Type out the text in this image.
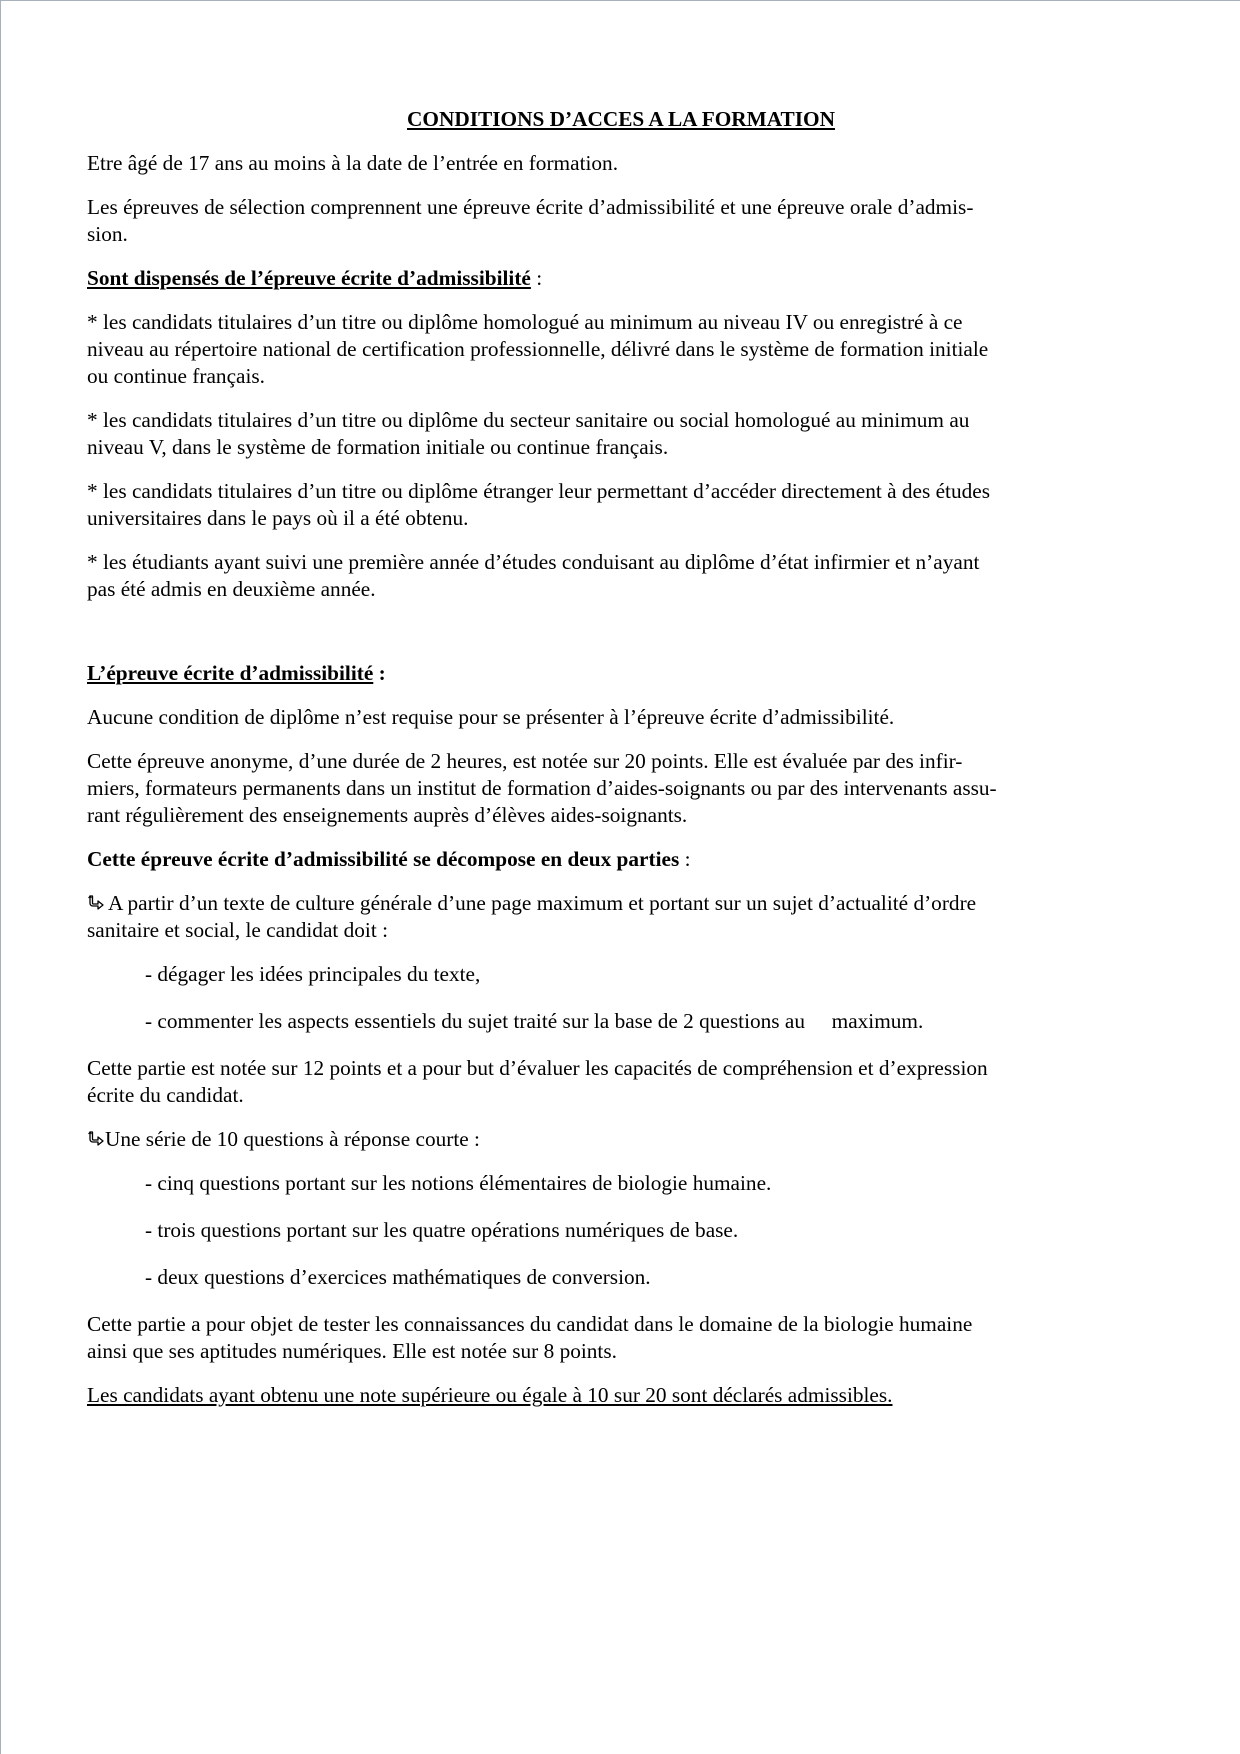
CONDITIONS D’ACCES A LA FORMATION

Etre âgé de 17 ans au moins à la date de l’entrée en formation.

Les épreuves de sélection comprennent une épreuve écrite d’admissibilité et une épreuve orale d’admis-
sion.

Sont dispensés de l’épreuve écrite d’admissibilité :

* les candidats titulaires d’un titre ou diplôme homologué au minimum au niveau IV ou enregistré à ce
niveau au répertoire national de certification professionnelle, délivré dans le système de formation initiale
ou continue français.

* les candidats titulaires d’un titre ou diplôme du secteur sanitaire ou social homologué au minimum au
niveau V, dans le système de formation initiale ou continue français.

* les candidats titulaires d’un titre ou diplôme étranger leur permettant d’accéder directement à des études
universitaires dans le pays où il a été obtenu.

* les étudiants ayant suivi une première année d’études conduisant au diplôme d’état infirmier et n’ayant
pas été admis en deuxième année.

L’épreuve écrite d’admissibilité :

Aucune condition de diplôme n’est requise pour se présenter à l’épreuve écrite d’admissibilité.

Cette épreuve anonyme, d’une durée de 2 heures, est notée sur 20 points. Elle est évaluée par des infir-
miers, formateurs permanents dans un institut de formation d’aides-soignants ou par des intervenants assu-
rant régulièrement des enseignements auprès d’élèves aides-soignants.

Cette épreuve écrite d’admissibilité se décompose en deux parties :

A partir d’un texte de culture générale d’une page maximum et portant sur un sujet d’actualité d’ordre
sanitaire et social, le candidat doit :

- dégager les idées principales du texte,

- commenter les aspects essentiels du sujet traité sur la base de 2 questions au     maximum.

Cette partie est notée sur 12 points et a pour but d’évaluer les capacités de compréhension et d’expression
écrite du candidat.

Une série de 10 questions à réponse courte :

- cinq questions portant sur les notions élémentaires de biologie humaine.

- trois questions portant sur les quatre opérations numériques de base.

- deux questions d’exercices mathématiques de conversion.

Cette partie a pour objet de tester les connaissances du candidat dans le domaine de la biologie humaine
ainsi que ses aptitudes numériques. Elle est notée sur 8 points.

Les candidats ayant obtenu une note supérieure ou égale à 10 sur 20 sont déclarés admissibles.
